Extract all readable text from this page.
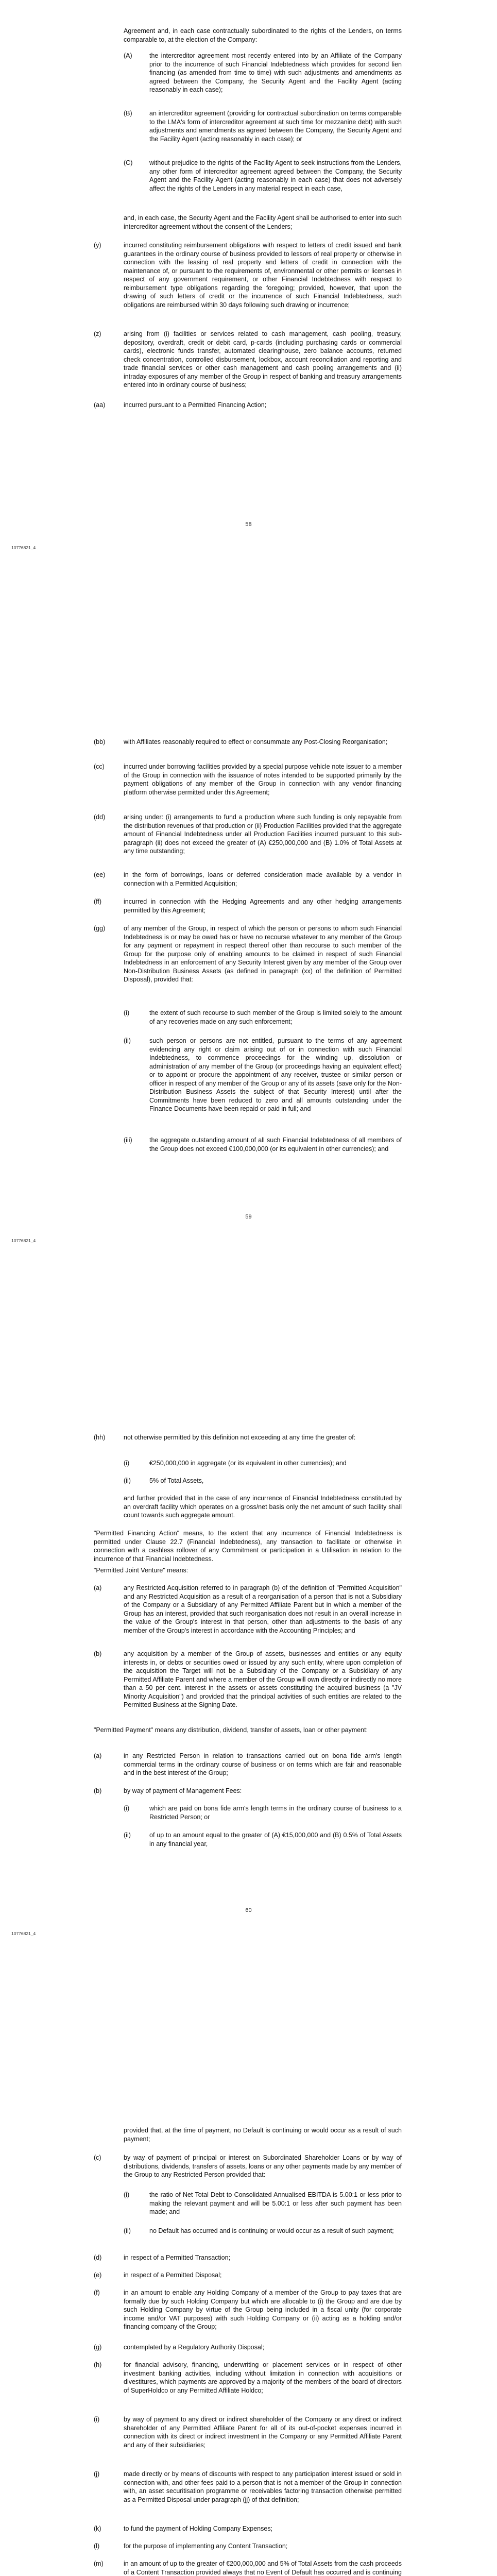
Agreement and, in each case contractually subordinated to the rights of the Lenders, on terms comparable to, at the election of the Company:
(A)	the intercreditor agreement most recently entered into by an Affiliate of the Company prior to the incurrence of such Financial Indebtedness which provides for second lien financing (as amended from time to time) with such adjustments and amendments as agreed between the Company, the Security Agent and the Facility Agent (acting reasonably in each case);
(B)	an intercreditor agreement (providing for contractual subordination on terms comparable to the LMA's form of intercreditor agreement at such time for mezzanine debt) with such adjustments and amendments as agreed between the Company, the Security Agent and the Facility Agent (acting reasonably in each case); or
(C)	without prejudice to the rights of the Facility Agent to seek instructions from the Lenders, any other form of intercreditor agreement agreed between the Company, the Security Agent and the Facility Agent (acting reasonably in each case) that does not adversely affect the rights of the Lenders in any material respect in each case,
and, in each case, the Security Agent and the Facility Agent shall be authorised to enter into such intercreditor agreement without the consent of the Lenders;
(y)	incurred constituting reimbursement obligations with respect to letters of credit issued and bank guarantees in the ordinary course of business provided to lessors of real property or otherwise in connection with the leasing of real property and letters of credit in connection with the maintenance of, or pursuant to the requirements of, environmental or other permits or licenses in respect of any government requirement, or other Financial Indebtedness with respect to reimbursement type obligations regarding the foregoing; provided, however, that upon the drawing of such letters of credit or the incurrence of such Financial Indebtedness, such obligations are reimbursed within 30 days following such drawing or incurrence;
(z)	arising from (i) facilities or services related to cash management, cash pooling, treasury, depository, overdraft, credit or debit card, p-cards (including purchasing cards or commercial cards), electronic funds transfer, automated clearinghouse, zero balance accounts, returned check concentration, controlled disbursement, lockbox, account reconciliation and reporting and trade financial services or other cash management and cash pooling arrangements and (ii) intraday exposures of any member of the Group in respect of banking and treasury arrangements entered into in ordinary course of business;
(aa)	incurred pursuant to a Permitted Financing Action;
58
10776821_4
(bb)	with Affiliates reasonably required to effect or consummate any Post-Closing Reorganisation;
(cc)	incurred under borrowing facilities provided by a special purpose vehicle note issuer to a member of the Group in connection with the issuance of notes intended to be supported primarily by the payment obligations of any member of the Group in connection with any vendor financing platform otherwise permitted under this Agreement;
(dd)	arising under: (i) arrangements to fund a production where such funding is only repayable from the distribution revenues of that production or (ii) Production Facilities provided that the aggregate amount of Financial Indebtedness under all Production Facilities incurred pursuant to this sub-paragraph (ii) does not exceed the greater of (A) €250,000,000 and (B) 1.0% of Total Assets at any time outstanding;
(ee)	in the form of borrowings, loans or deferred consideration made available by a vendor in connection with a Permitted Acquisition;
(ff)	incurred in connection with the Hedging Agreements and any other hedging arrangements permitted by this Agreement;
(gg)	of any member of the Group, in respect of which the person or persons to whom such Financial Indebtedness is or may be owed has or have no recourse whatever to any member of the Group for any payment or repayment in respect thereof other than recourse to such member of the Group for the purpose only of enabling amounts to be claimed in respect of such Financial Indebtedness in an enforcement of any Security Interest given by any member of the Group over Non-Distribution Business Assets (as defined in paragraph (xx) of the definition of Permitted Disposal), provided that:
(i)	the extent of such recourse to such member of the Group is limited solely to the amount of any recoveries made on any such enforcement;
(ii)	such person or persons are not entitled, pursuant to the terms of any agreement evidencing any right or claim arising out of or in connection with such Financial Indebtedness, to commence proceedings for the winding up, dissolution or administration of any member of the Group (or proceedings having an equivalent effect) or to appoint or procure the appointment of any receiver, trustee or similar person or officer in respect of any member of the Group or any of its assets (save only for the Non-Distribution Business Assets the subject of that Security Interest) until after the Commitments have been reduced to zero and all amounts outstanding under the Finance Documents have been repaid or paid in full; and
(iii)	the aggregate outstanding amount of all such Financial Indebtedness of all members of the Group does not exceed €100,000,000 (or its equivalent in other currencies); and
59
10776821_4
(hh)	not otherwise permitted by this definition not exceeding at any time the greater of:
(i)	€250,000,000 in aggregate (or its equivalent in other currencies); and
(ii)	5% of Total Assets,
and further provided that in the case of any incurrence of Financial Indebtedness constituted by an overdraft facility which operates on a gross/net basis only the net amount of such facility shall count towards such aggregate amount.
"Permitted Financing Action" means, to the extent that any incurrence of Financial Indebtedness is permitted under Clause 22.7 (Financial Indebtedness), any transaction to facilitate or otherwise in connection with a cashless rollover of any Commitment or participation in a Utilisation in relation to the incurrence of that Financial Indebtedness.
"Permitted Joint Venture" means:
(a)	any Restricted Acquisition referred to in paragraph (b) of the definition of "Permitted Acquisition" and any Restricted Acquisition as a result of a reorganisation of a person that is not a Subsidiary of the Company or a Subsidiary of any Permitted Affiliate Parent but in which a member of the Group has an interest, provided that such reorganisation does not result in an overall increase in the value of the Group's interest in that person, other than adjustments to the basis of any member of the Group's interest in accordance with the Accounting Principles; and
(b)	any acquisition by a member of the Group of assets, businesses and entities or any equity interests in, or debts or securities owed or issued by any such entity, where upon completion of the acquisition the Target will not be a Subsidiary of the Company or a Subsidiary of any Permitted Affiliate Parent and where a member of the Group will own directly or indirectly no more than a 50 per cent. interest in the assets or assets constituting the acquired business (a "JV Minority Acquisition") and provided that the principal activities of such entities are related to the Permitted Business at the Signing Date.
"Permitted Payment" means any distribution, dividend, transfer of assets, loan or other payment:
(a)	in any Restricted Person in relation to transactions carried out on bona fide arm's length commercial terms in the ordinary course of business or on terms which are fair and reasonable and in the best interest of the Group;
(b)	by way of payment of Management Fees:
(i)	which are paid on bona fide arm's length terms in the ordinary course of business to a Restricted Person; or
(ii)	of up to an amount equal to the greater of (A) €15,000,000 and (B) 0.5% of Total Assets in any financial year,
60
10776821_4
provided that, at the time of payment, no Default is continuing or would occur as a result of such payment;
(c)	by way of payment of principal or interest on Subordinated Shareholder Loans or by way of distributions, dividends, transfers of assets, loans or any other payments made by any member of the Group to any Restricted Person provided that:
(i)	the ratio of Net Total Debt to Consolidated Annualised EBITDA is 5.00:1 or less prior to making the relevant payment and will be 5.00:1 or less after such payment has been made; and
(ii)	no Default has occurred and is continuing or would occur as a result of such payment;
(d)	in respect of a Permitted Transaction;
(e)	in respect of a Permitted Disposal;
(f)	in an amount to enable any Holding Company of a member of the Group to pay taxes that are formally due by such Holding Company but which are allocable to (i) the Group and are due by such Holding Company by virtue of the Group being included in a fiscal unity (for corporate income and/or VAT purposes) with such Holding Company or (ii) acting as a holding and/or financing company of the Group;
(g)	contemplated by a Regulatory Authority Disposal;
(h)	for financial advisory, financing, underwriting or placement services or in respect of other investment banking activities, including without limitation in connection with acquisitions or divestitures, which payments are approved by a majority of the members of the board of directors of SuperHoldco or any Permitted Affiliate Holdco;
(i)	by way of payment to any direct or indirect shareholder of the Company or any direct or indirect shareholder of any Permitted Affiliate Parent for all of its out-of-pocket expenses incurred in connection with its direct or indirect investment in the Company or any Permitted Affiliate Parent and any of their subsidiaries;
(j)	made directly or by means of discounts with respect to any participation interest issued or sold in connection with, and other fees paid to a person that is not a member of the Group in connection with, an asset securitisation programme or receivables factoring transaction otherwise permitted as a Permitted Disposal under paragraph (jj) of that definition;
(k)	to fund the payment of Holding Company Expenses;
(l)	for the purpose of implementing any Content Transaction;
(m)	in an amount of up to the greater of €200,000,000 and 5% of Total Assets from the cash proceeds of a Content Transaction provided always that no Event of Default has occurred and is continuing
